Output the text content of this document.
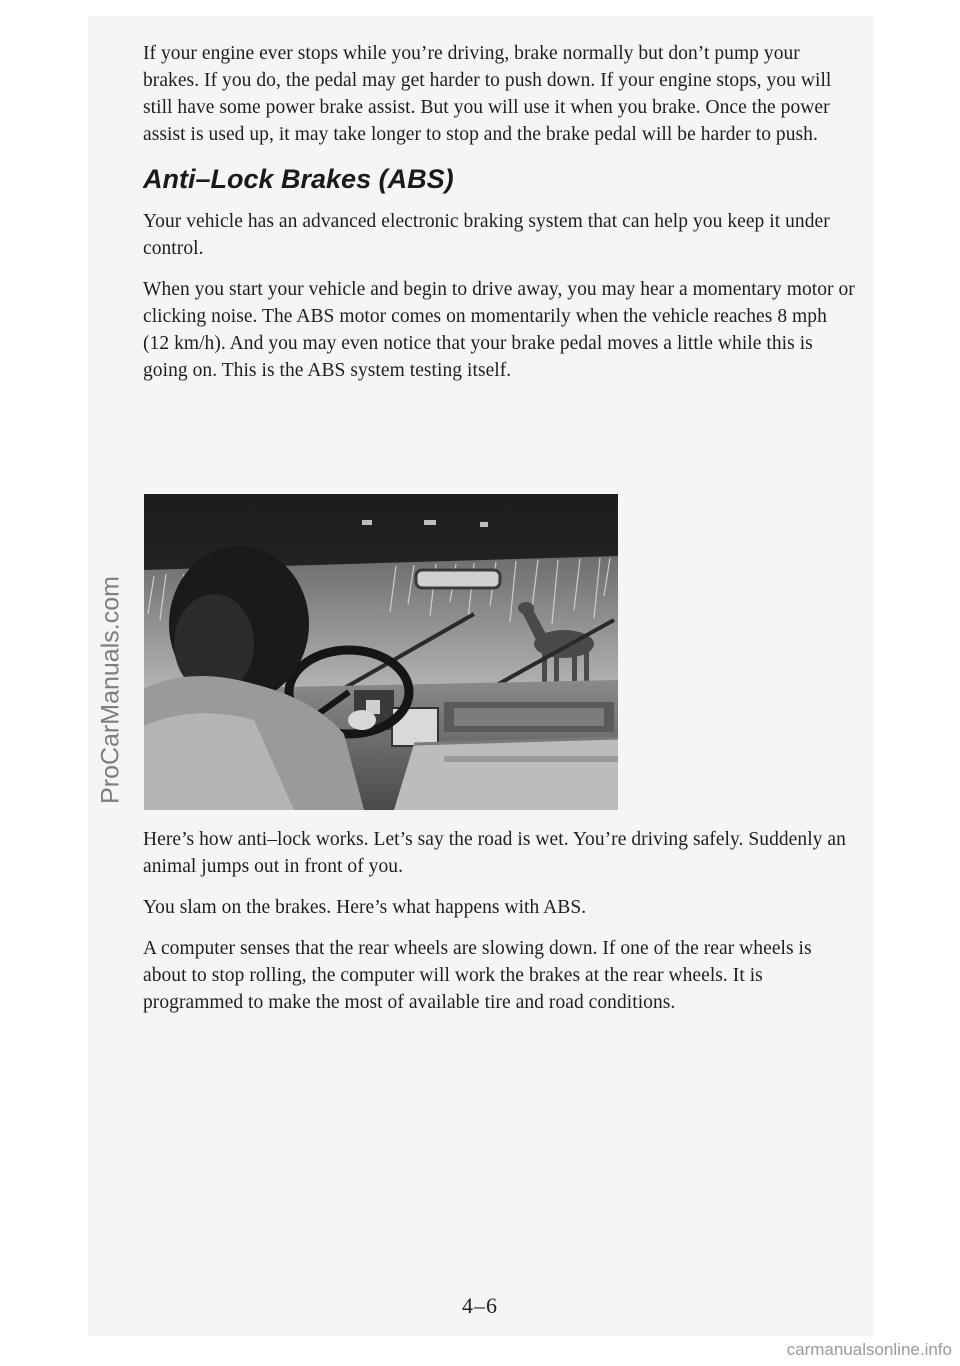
If your engine ever stops while you’re driving, brake normally but don’t pump your brakes. If you do, the pedal may get harder to push down. If your engine stops, you will still have some power brake assist. But you will use it when you brake. Once the power assist is used up, it may take longer to stop and the brake pedal will be harder to push.

Anti–Lock Brakes (ABS)

Your vehicle has an advanced electronic braking system that can help you keep it under control.

When you start your vehicle and begin to drive away, you may hear a momentary motor or clicking noise. The ABS motor comes on momentarily when the vehicle reaches 8 mph (12 km/h). And you may even notice that your brake pedal moves a little while this is going on. This is the ABS system testing itself.

Here’s how anti–lock works. Let’s say the road is wet. You’re driving safely. Suddenly an animal jumps out in front of you.

You slam on the brakes. Here’s what happens with ABS.

A computer senses that the rear wheels are slowing down. If one of the rear wheels is about to stop rolling, the computer will work the brakes at the rear wheels. It is programmed to make the most of available tire and road conditions.

4–6
ProCarManuals.com
carmanualsonline.info
